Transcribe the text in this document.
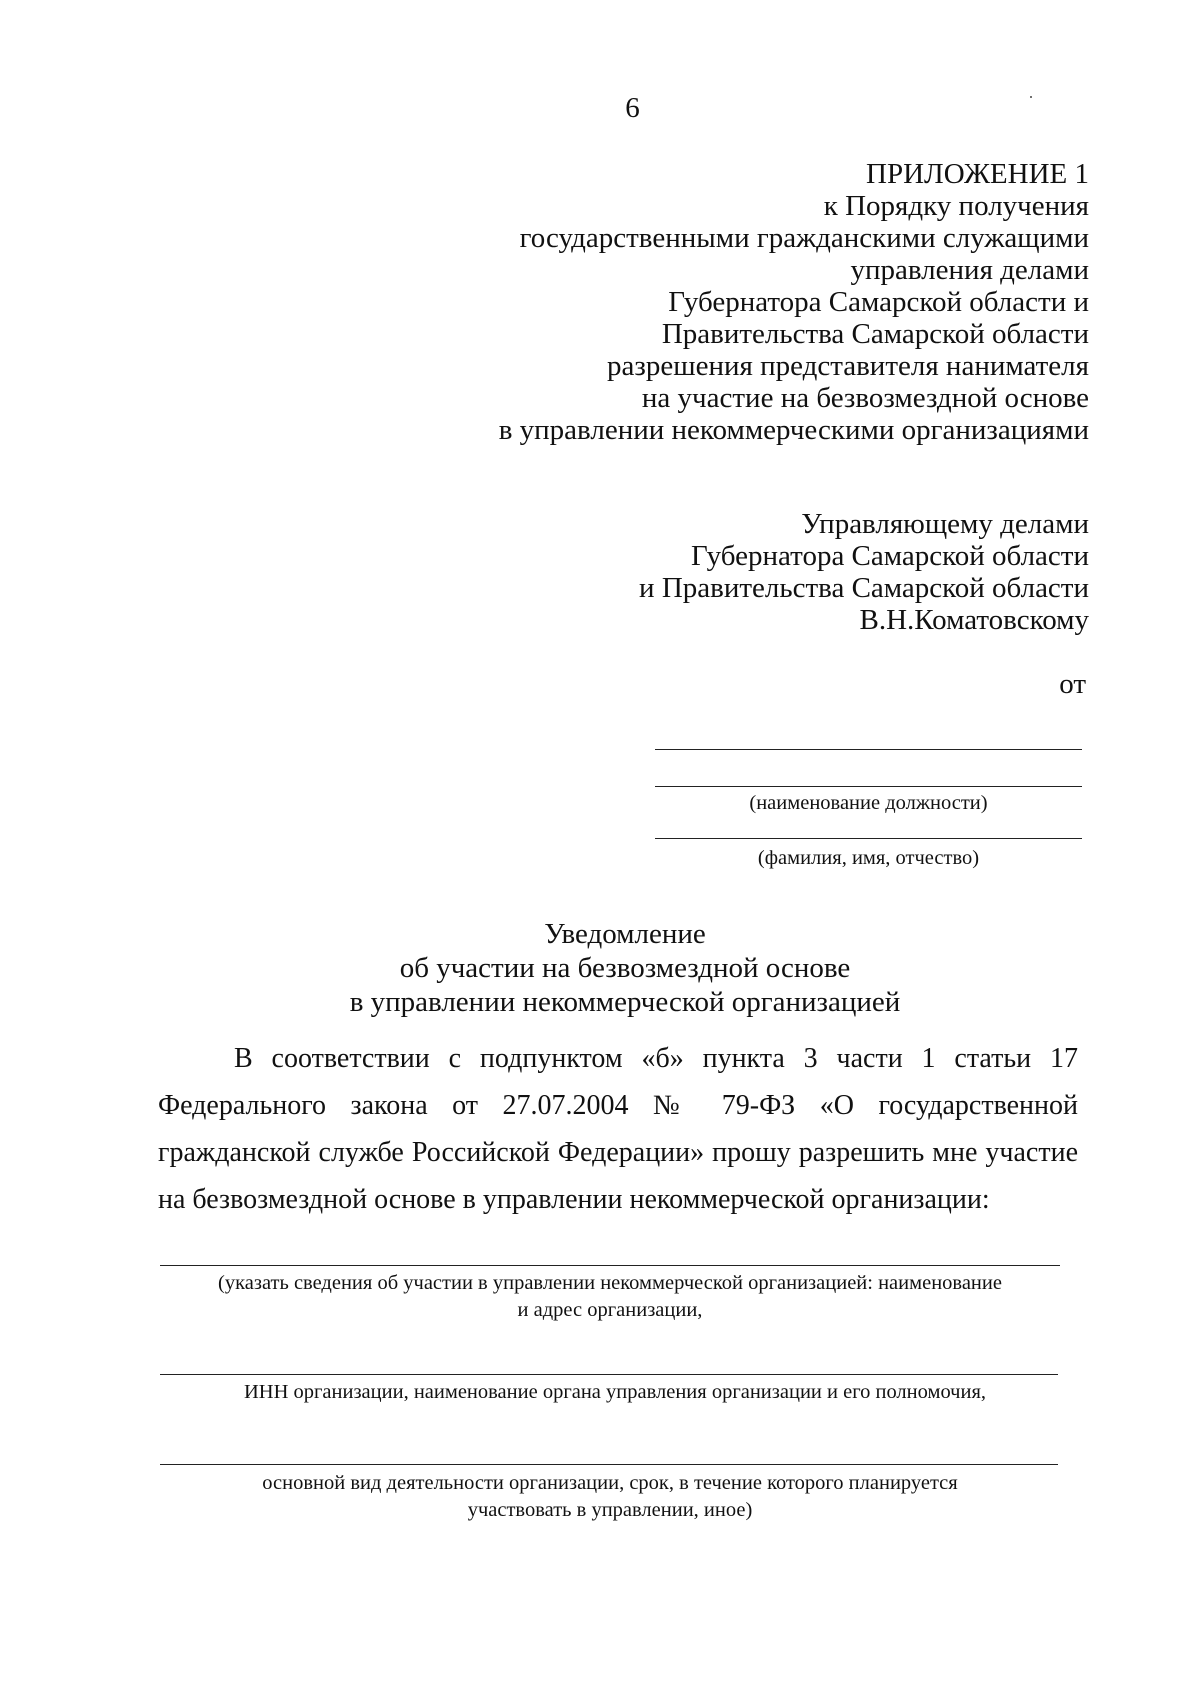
6
ПРИЛОЖЕНИЕ 1
к Порядку получения
государственными гражданскими служащими
управления делами
Губернатора Самарской области и
Правительства Самарской области
разрешения представителя нанимателя
на участие на безвозмездной основе
в управлении некоммерческими организациями
Управляющему делами
Губернатора Самарской области
и Правительства Самарской области
В.Н.Коматовскому
от
(наименование должности)
(фамилия, имя, отчество)
Уведомление
об участии на безвозмездной основе
в управлении некоммерческой организацией
В соответствии с подпунктом «б» пункта 3 части 1 статьи 17 Федерального закона от 27.07.2004 № 79-ФЗ «О государственной гражданской службе Российской Федерации» прошу разрешить мне участие на безвозмездной основе в управлении некоммерческой организации:
(указать сведения об участии в управлении некоммерческой организацией: наименование
и адрес организации,
ИНН организации, наименование органа управления организации и его полномочия,
основной вид деятельности организации, срок, в течение которого планируется
участвовать в управлении, иное)
